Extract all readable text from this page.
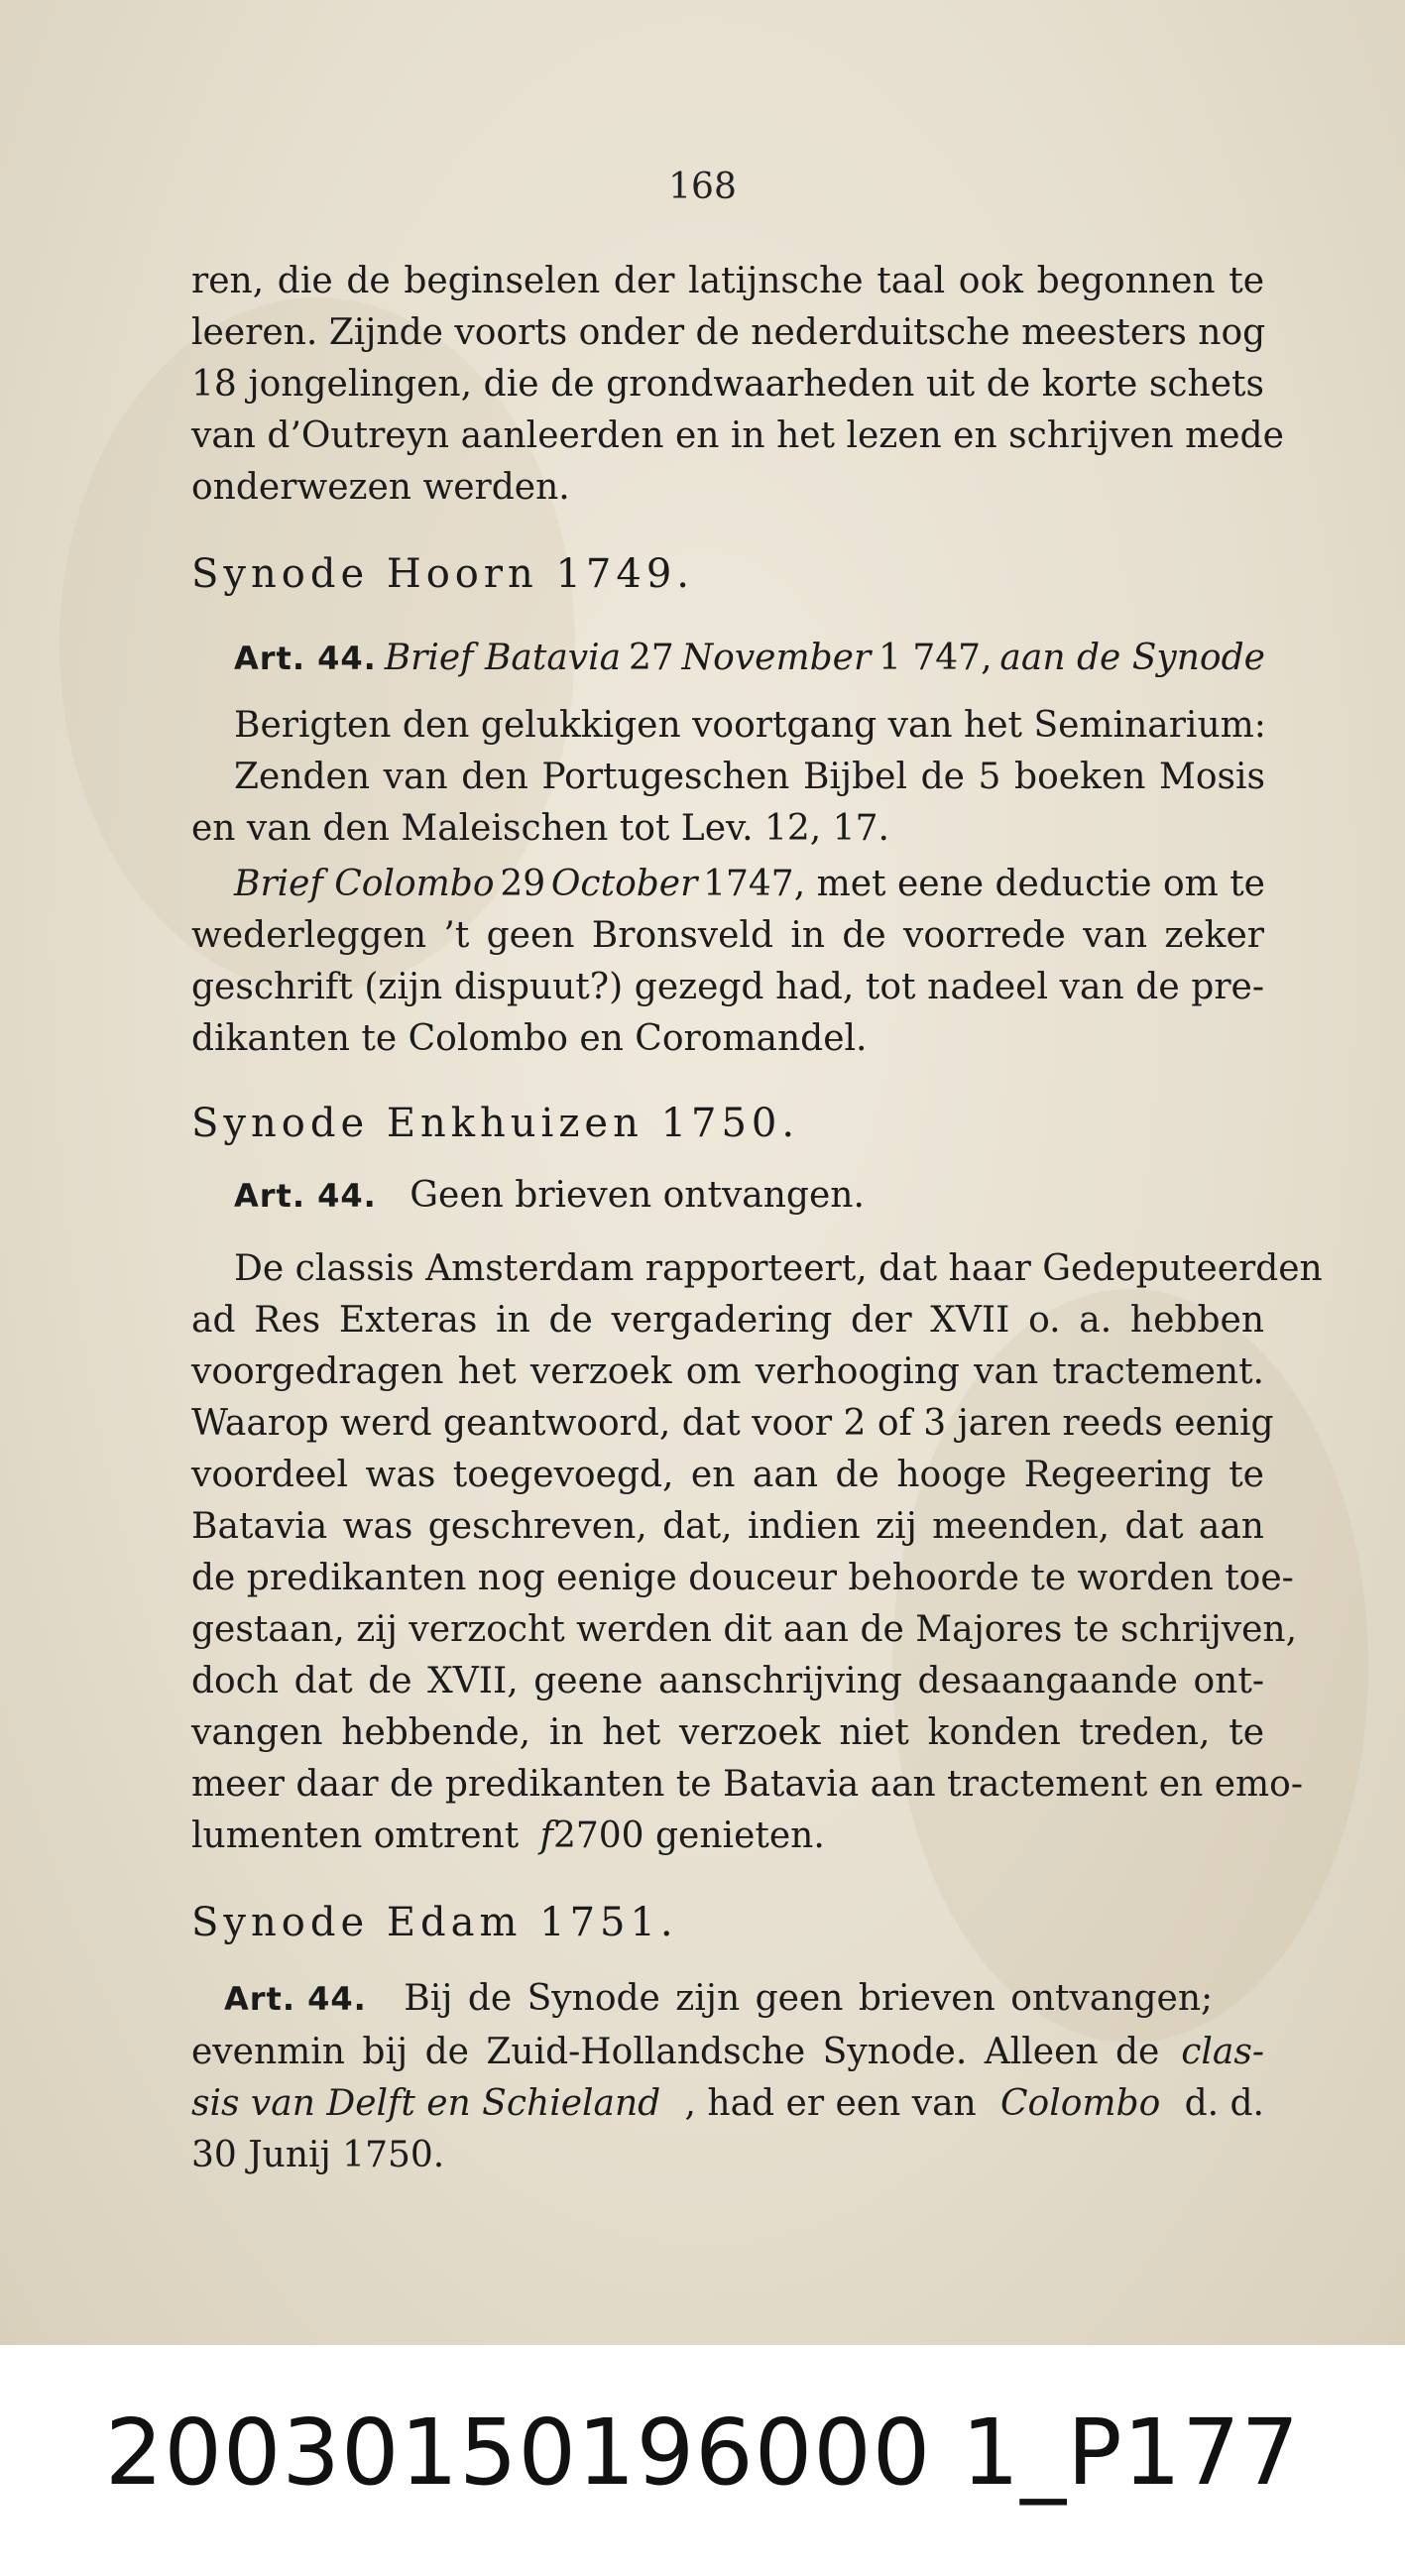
168
ren, die de beginselen der latijnsche taal ook begonnen te
leeren. Zijnde voorts onder de nederduitsche meesters nog
18 jongelingen, die de grondwaarheden uit de korte schets
van d’Outreyn aanleerden en in het lezen en schrijven mede
onderwezen werden.
Synode Hoorn 1749.
Art. 44. Brief Batavia 27 November 1 747, aan de Synode
Berigten den gelukkigen voortgang van het Seminarium:
Zenden van den Portugeschen Bijbel de 5 boeken Mosis
en van den Maleischen tot Lev. 12, 17.
Brief Colombo 29 October 1747, met eene deductie om te
wederleggen ’t geen Bronsveld in de voorrede van zeker
geschrift (zijn dispuut?) gezegd had, tot nadeel van de pre-
dikanten te Colombo en Coromandel.
Synode Enkhuizen 1750.
Art. 44. Geen brieven ontvangen.
De classis Amsterdam rapporteert, dat haar Gedeputeerden
ad Res Exteras in de vergadering der XVII o. a. hebben
voorgedragen het verzoek om verhooging van tractement.
Waarop werd geantwoord, dat voor 2 of 3 jaren reeds eenig
voordeel was toegevoegd, en aan de hooge Regeering te
Batavia was geschreven, dat, indien zij meenden, dat aan
de predikanten nog eenige douceur behoorde te worden toe-
gestaan, zij verzocht werden dit aan de Majores te schrijven,
doch dat de XVII, geene aanschrijving desaangaande ont-
vangen hebbende, in het verzoek niet konden treden, te
meer daar de predikanten te Batavia aan tractement en emo-
lumenten omtrent f2700 genieten.
Synode Edam 1751.
Art. 44. Bij de Synode zijn geen brieven ontvangen;
evenmin bij de Zuid-Hollandsche Synode. Alleen de clas-
sis van Delft en Schieland , had er een van Colombo d. d.
30 Junij 1750.
20030150196000 1_P177
